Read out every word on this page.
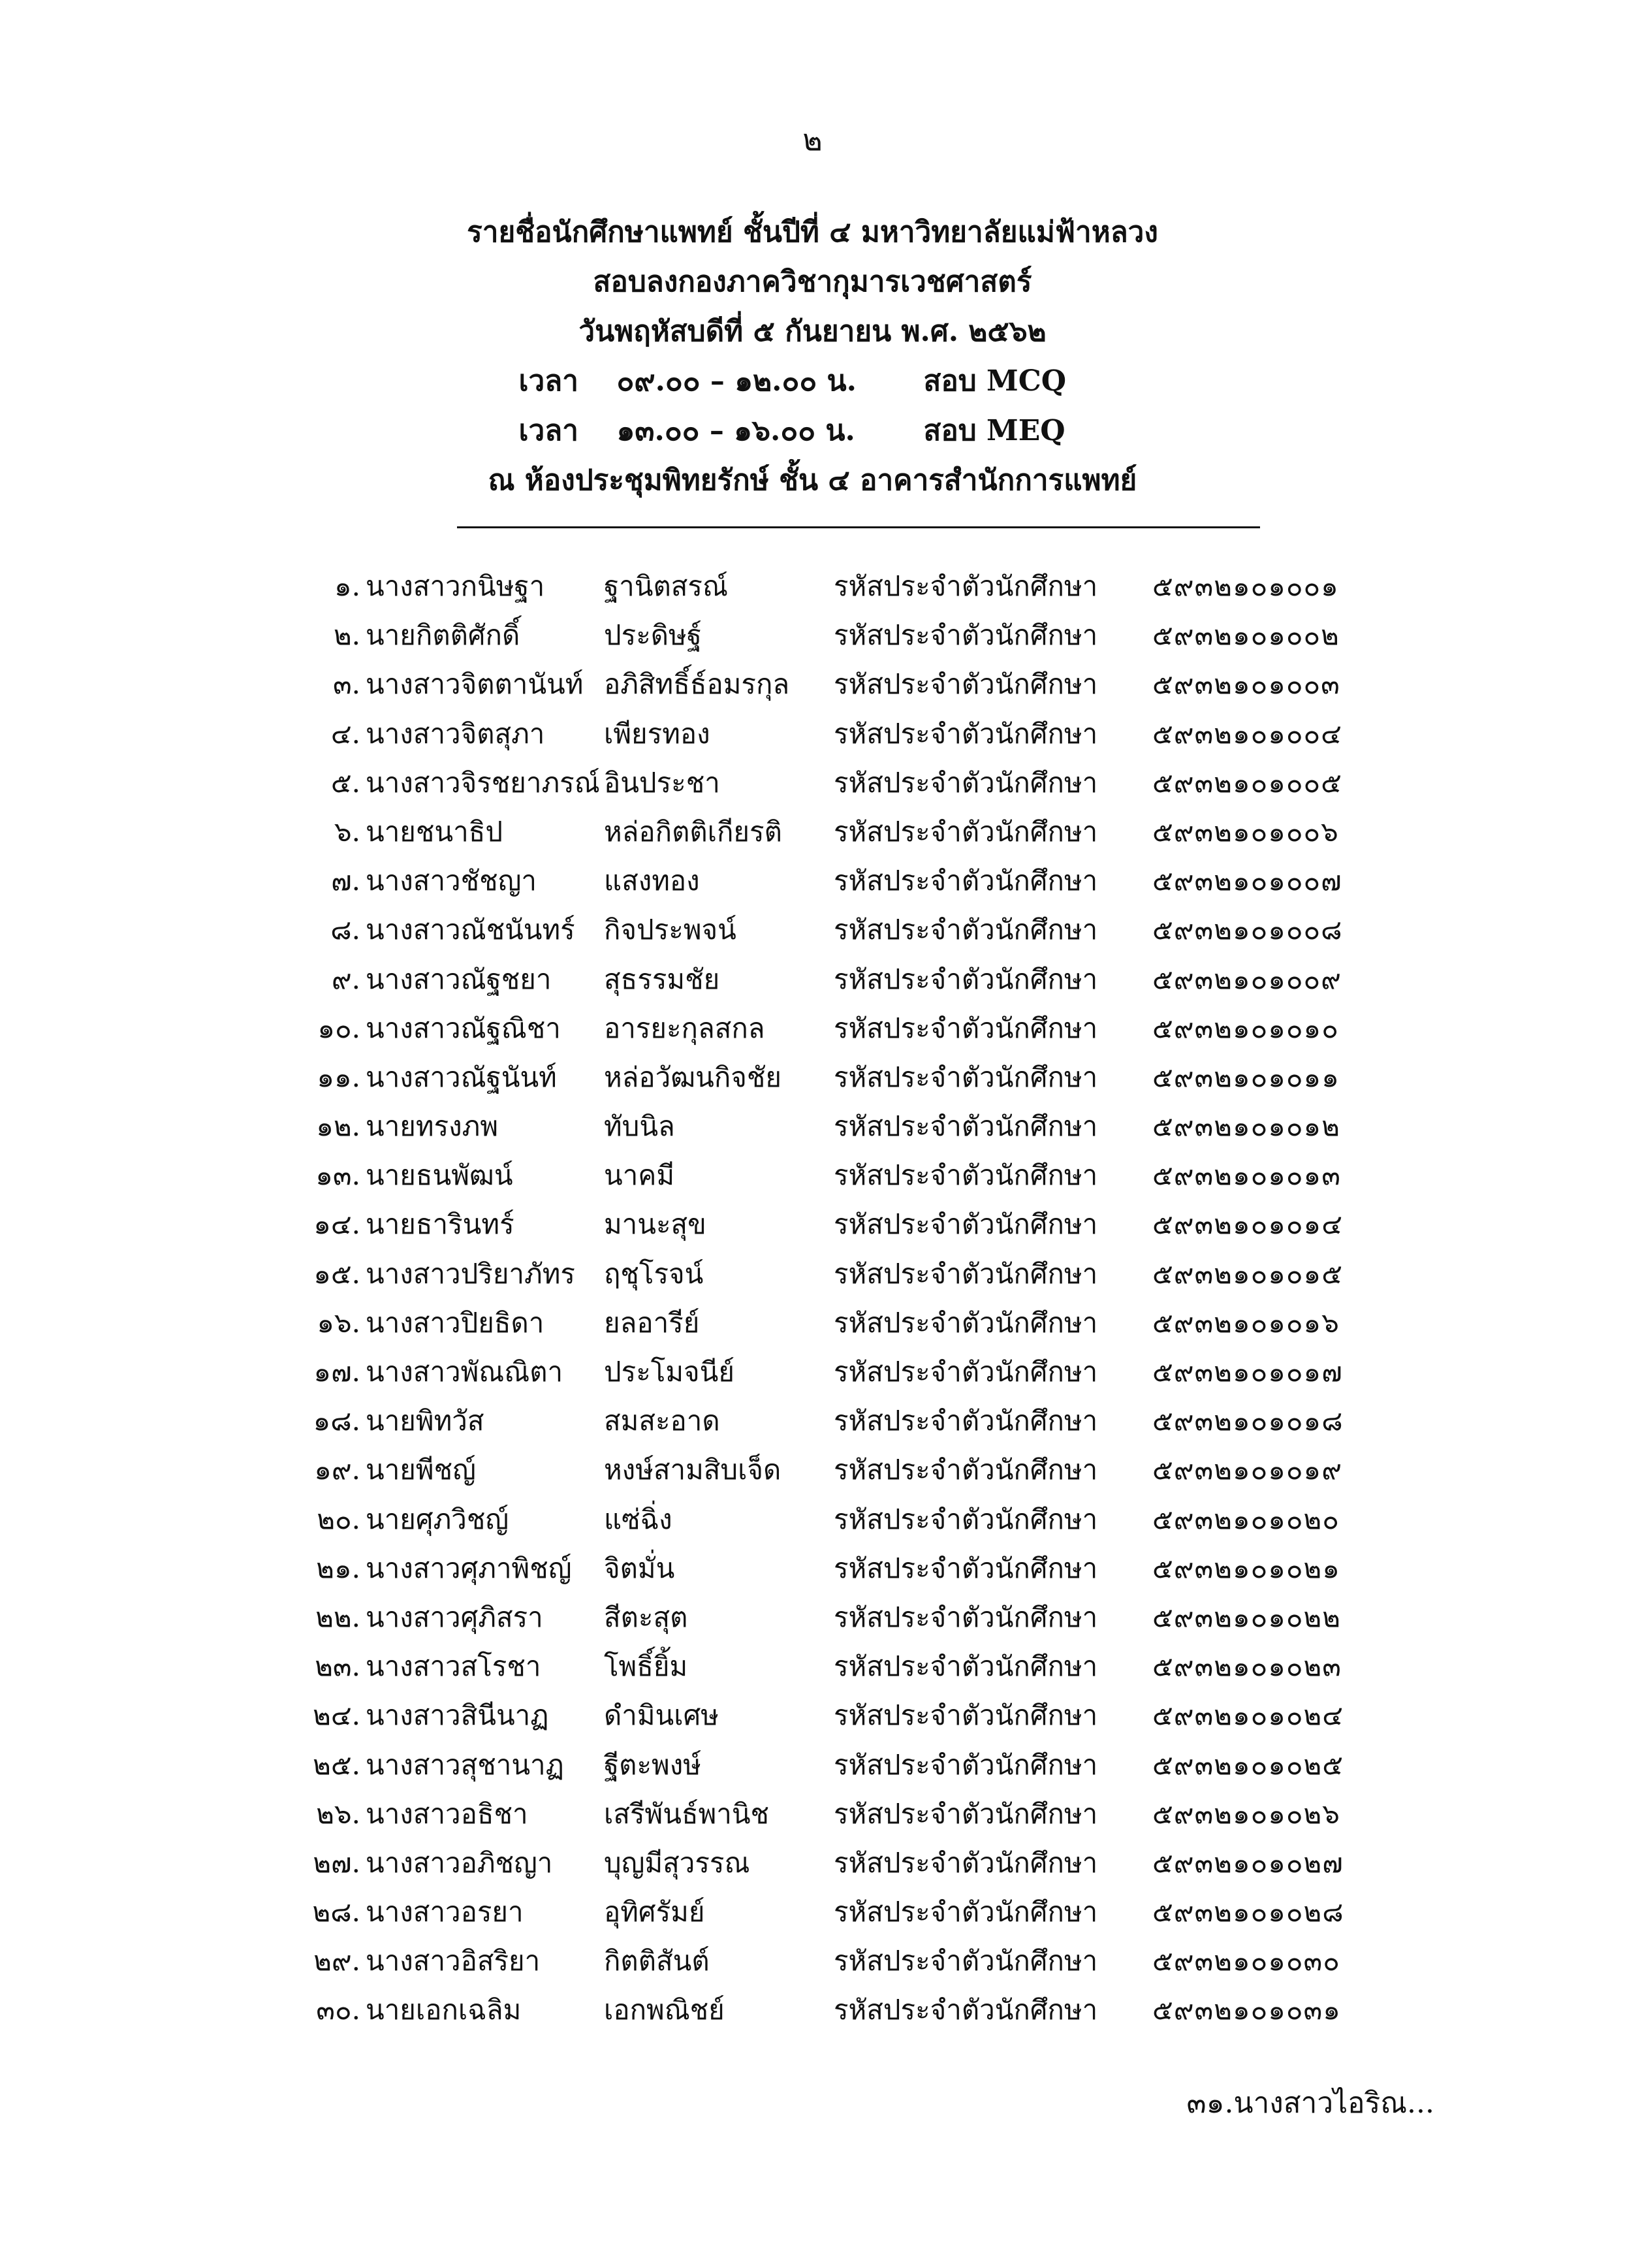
๒
รายชื่อนักศึกษาแพทย์ ชั้นปีที่ ๔ มหาวิทยาลัยแม่ฟ้าหลวง
สอบลงกองภาควิชากุมารเวชศาสตร์
วันพฤหัสบดีที่ ๕ กันยายน พ.ศ. ๒๕๖๒
เวลา	๐๙.๐๐ – ๑๒.๐๐ น.	สอบ MCQ
เวลา	๑๓.๐๐ – ๑๖.๐๐ น.	สอบ MEQ
ณ ห้องประชุมพิทยรักษ์ ชั้น ๔ อาคารสำนักการแพทย์
๑. นางสาวกนิษฐา ฐานิตสรณ์	รหัสประจำตัวนักศึกษา ๕๙๓๒๑๐๑๐๐๑
๒. นายกิตติศักดิ์	ประดิษฐ์	รหัสประจำตัวนักศึกษา ๕๙๓๒๑๐๑๐๐๒
๓. นางสาวจิตตานันท์ อภิสิทธิ์ธ์อมรกุล รหัสประจำตัวนักศึกษา ๕๙๓๒๑๐๑๐๐๓
๔. นางสาวจิตสุภา เพียรทอง	รหัสประจำตัวนักศึกษา ๕๙๓๒๑๐๑๐๐๔
๕. นางสาวจิรชยาภรณ์ อินประชา	รหัสประจำตัวนักศึกษา ๕๙๓๒๑๐๑๐๐๕
๖. นายชนาธิป	หล่อกิตติเกียรติ รหัสประจำตัวนักศึกษา ๕๙๓๒๑๐๑๐๐๖
๗. นางสาวชัชญา แสงทอง	รหัสประจำตัวนักศึกษา ๕๙๓๒๑๐๑๐๐๗
๘. นางสาวณัชนันทร์ กิจประพจน์	รหัสประจำตัวนักศึกษา ๕๙๓๒๑๐๑๐๐๘
๙. นางสาวณัฐชยา สุธรรมชัย	รหัสประจำตัวนักศึกษา ๕๙๓๒๑๐๑๐๐๙
๑๐. นางสาวณัฐณิชา อารยะกุลสกล	รหัสประจำตัวนักศึกษา ๕๙๓๒๑๐๑๐๑๐
๑๑. นางสาวณัฐนันท์ หล่อวัฒนกิจชัย รหัสประจำตัวนักศึกษา ๕๙๓๒๑๐๑๐๑๑
๑๒. นายทรงภพ	ทับนิล	รหัสประจำตัวนักศึกษา ๕๙๓๒๑๐๑๐๑๒
๑๓. นายธนพัฒน์	นาคมี	รหัสประจำตัวนักศึกษา ๕๙๓๒๑๐๑๐๑๓
๑๔. นายธารินทร์	มานะสุข	รหัสประจำตัวนักศึกษา ๕๙๓๒๑๐๑๐๑๔
๑๕. นางสาวปริยาภัทร ฤชุโรจน์	รหัสประจำตัวนักศึกษา ๕๙๓๒๑๐๑๐๑๕
๑๖. นางสาวปิยธิดา ยลอารีย์	รหัสประจำตัวนักศึกษา ๕๙๓๒๑๐๑๐๑๖
๑๗. นางสาวพัณณิตา ประโมจนีย์	รหัสประจำตัวนักศึกษา ๕๙๓๒๑๐๑๐๑๗
๑๘. นายพิทวัส	สมสะอาด	รหัสประจำตัวนักศึกษา ๕๙๓๒๑๐๑๐๑๘
๑๙. นายพีชญ์	หงษ์สามสิบเจ็ด รหัสประจำตัวนักศึกษา ๕๙๓๒๑๐๑๐๑๙
๒๐. นายศุภวิชญ์	แซ่ฉิ่ง	รหัสประจำตัวนักศึกษา ๕๙๓๒๑๐๑๐๒๐
๒๑. นางสาวศุภาพิชญ์ จิตมั่น	รหัสประจำตัวนักศึกษา ๕๙๓๒๑๐๑๐๒๑
๒๒. นางสาวศุภิสรา สีตะสุต	รหัสประจำตัวนักศึกษา ๕๙๓๒๑๐๑๐๒๒
๒๓. นางสาวสโรชา โพธิ์ยิ้ม	รหัสประจำตัวนักศึกษา ๕๙๓๒๑๐๑๐๒๓
๒๔. นางสาวสินีนาฏ ดำมินเศษ	รหัสประจำตัวนักศึกษา ๕๙๓๒๑๐๑๐๒๔
๒๕. นางสาวสุชานาฏ ฐีตะพงษ์	รหัสประจำตัวนักศึกษา ๕๙๓๒๑๐๑๐๒๕
๒๖. นางสาวอธิชา	เสรีพันธ์พานิช รหัสประจำตัวนักศึกษา ๕๙๓๒๑๐๑๐๒๖
๒๗. นางสาวอภิชญา บุญมีสุวรรณ	รหัสประจำตัวนักศึกษา ๕๙๓๒๑๐๑๐๒๗
๒๘. นางสาวอรยา	อุทิศรัมย์	รหัสประจำตัวนักศึกษา ๕๙๓๒๑๐๑๐๒๘
๒๙. นางสาวอิสริยา กิตติสันต์	รหัสประจำตัวนักศึกษา ๕๙๓๒๑๐๑๐๓๐
๓๐. นายเอกเฉลิม	เอกพณิชย์	รหัสประจำตัวนักศึกษา ๕๙๓๒๑๐๑๐๓๑
๓๑.นางสาวไอริณ...
